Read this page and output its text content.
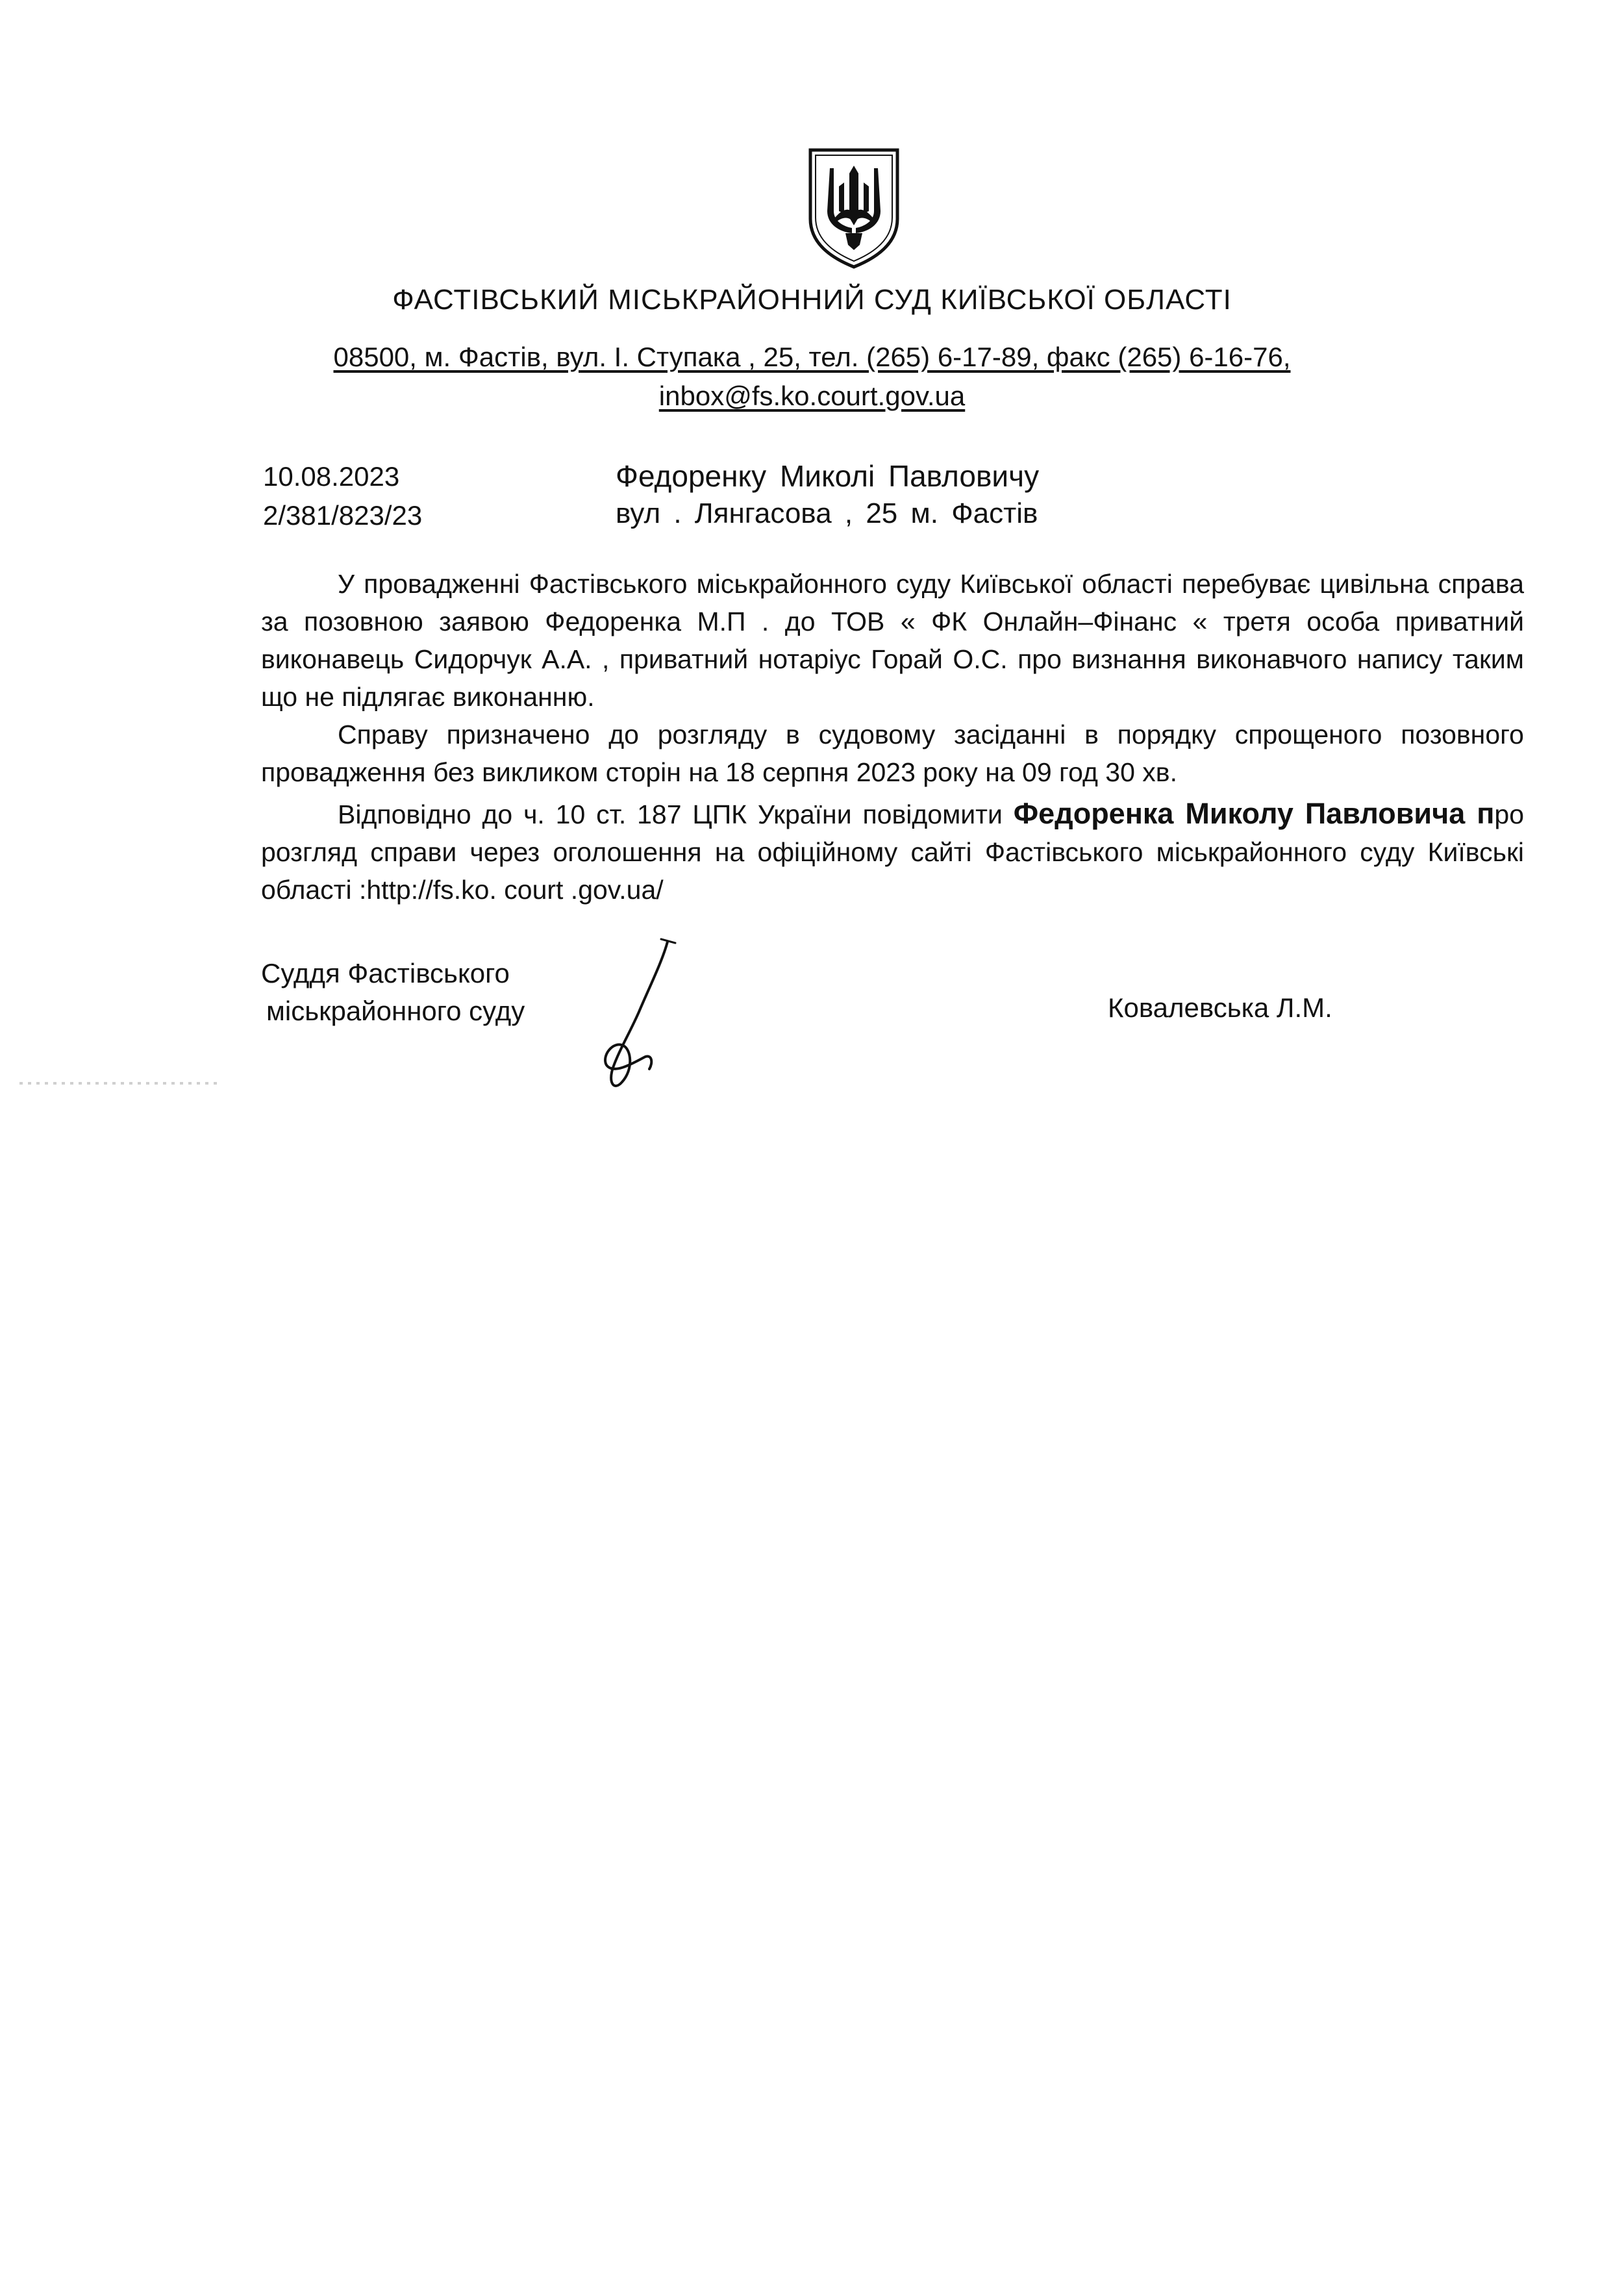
ФАСТІВСЬКИЙ МІСЬКРАЙОННИЙ СУД КИЇВСЬКОЇ ОБЛАСТІ
08500, м. Фастів, вул. І. Ступака , 25, тел. (265) 6-17-89, факс (265) 6-16-76,
inbox@fs.ko.court.gov.ua
10.08.2023
2/381/823/23
Федоренку Миколі Павловичу
вул . Лянгасова , 25 м. Фастів

У провадженні Фастівського міськрайонного суду Київської області перебуває цивільна справа за позовною заявою Федоренка М.П . до ТОВ « ФК Онлайн–Фінанс « третя особа приватний виконавець Сидорчук А.А. , приватний нотаріус Горай О.С. про визнання виконавчого напису таким що не підлягає виконанню.

Справу призначено до розгляду в судовому засіданні в порядку спрощеного позовного провадження без викликом сторін на 18 серпня 2023 року на 09 год 30 хв.

Відповідно до ч. 10 ст. 187 ЦПК України повідомити Федоренка Миколу Павловича про розгляд справи через оголошення на офіційному сайті Фастівського міськрайонного суду Київські області :http://fs.ko. court .gov.ua/

Суддя Фастівського
міськрайонного суду	Ковалевська Л.М.
